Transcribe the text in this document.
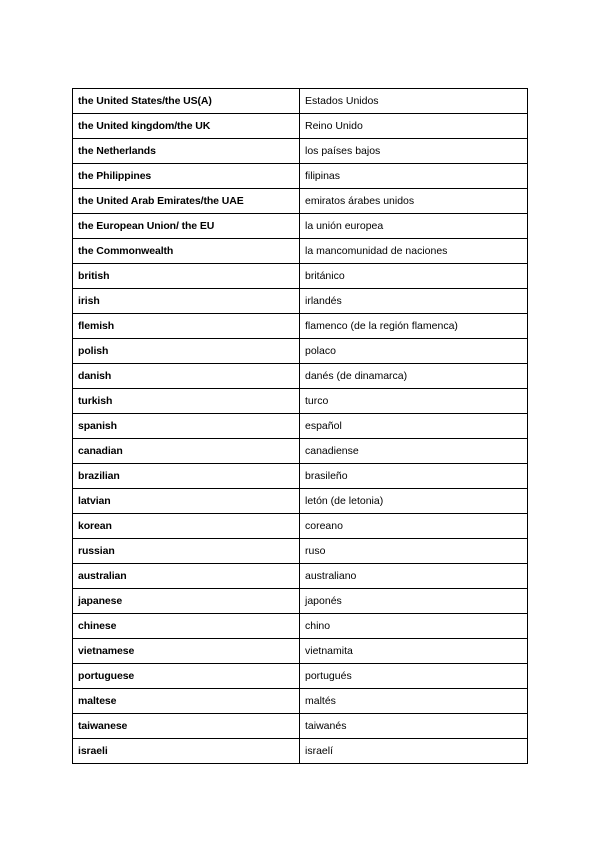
the United States/the US(A)	Estados Unidos
the United kingdom/the UK	Reino Unido
the Netherlands	los países bajos
the Philippines	filipinas
the United Arab Emirates/the UAE	emiratos árabes unidos
the European Union/ the EU	la unión europea
the Commonwealth	la mancomunidad de naciones
british	británico
irish	irlandés
flemish	flamenco (de la región flamenca)
polish	polaco
danish	danés (de dinamarca)
turkish	turco
spanish	español
canadian	canadiense
brazilian	brasileño
latvian	letón (de letonia)
korean	coreano
russian	ruso
australian	australiano
japanese	japonés
chinese	chino
vietnamese	vietnamita
portuguese	portugués
maltese	maltés
taiwanese	taiwanés
israeli	israelí
